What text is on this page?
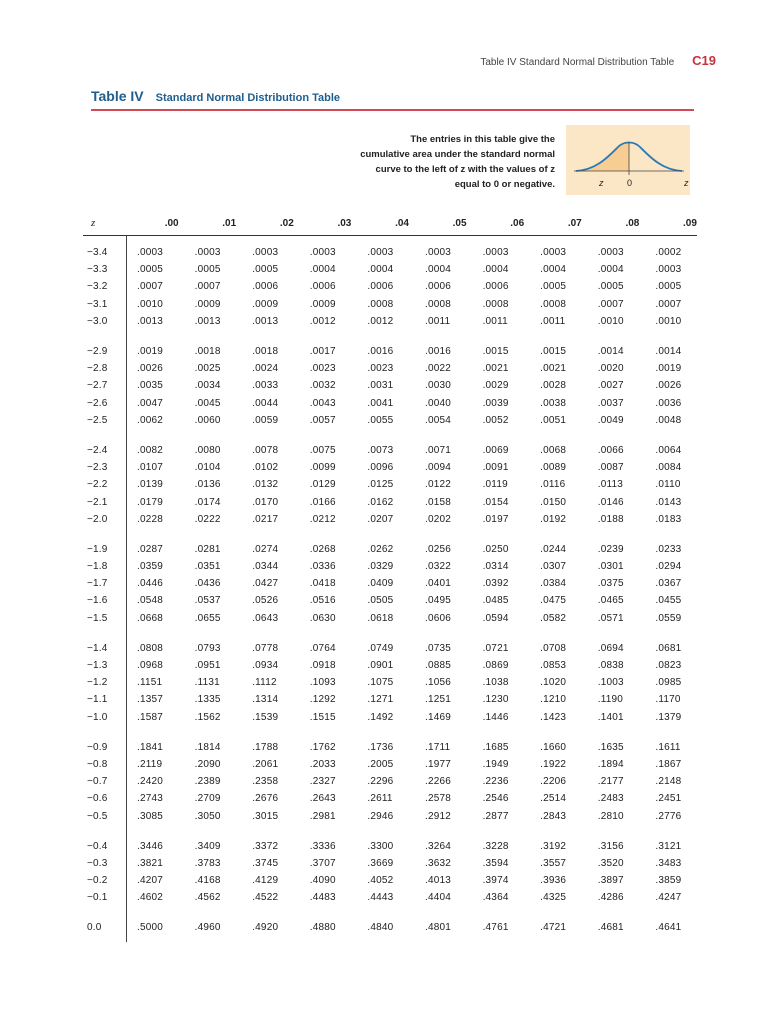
Table IV Standard Normal Distribution Table C19
Table IV Standard Normal Distribution Table
The entries in this table give the cumulative area under the standard normal curve to the left of z with the values of z equal to 0 or negative.	z	0	z
z	.00	.01	.02	.03	.04	.05	.06	.07	.08	.09
−3.4	.0003	.0003	.0003	.0003	.0003	.0003	.0003	.0003	.0003	.0002
−3.3	.0005	.0005	.0005	.0004	.0004	.0004	.0004	.0004	.0004	.0003
−3.2	.0007	.0007	.0006	.0006	.0006	.0006	.0006	.0005	.0005	.0005
−3.1	.0010	.0009	.0009	.0009	.0008	.0008	.0008	.0008	.0007	.0007
−3.0	.0013	.0013	.0013	.0012	.0012	.0011	.0011	.0011	.0010	.0010
−2.9	.0019	.0018	.0018	.0017	.0016	.0016	.0015	.0015	.0014	.0014
−2.8	.0026	.0025	.0024	.0023	.0023	.0022	.0021	.0021	.0020	.0019
−2.7	.0035	.0034	.0033	.0032	.0031	.0030	.0029	.0028	.0027	.0026
−2.6	.0047	.0045	.0044	.0043	.0041	.0040	.0039	.0038	.0037	.0036
−2.5	.0062	.0060	.0059	.0057	.0055	.0054	.0052	.0051	.0049	.0048
−2.4	.0082	.0080	.0078	.0075	.0073	.0071	.0069	.0068	.0066	.0064
−2.3	.0107	.0104	.0102	.0099	.0096	.0094	.0091	.0089	.0087	.0084
−2.2	.0139	.0136	.0132	.0129	.0125	.0122	.0119	.0116	.0113	.0110
−2.1	.0179	.0174	.0170	.0166	.0162	.0158	.0154	.0150	.0146	.0143
−2.0	.0228	.0222	.0217	.0212	.0207	.0202	.0197	.0192	.0188	.0183
−1.9	.0287	.0281	.0274	.0268	.0262	.0256	.0250	.0244	.0239	.0233
−1.8	.0359	.0351	.0344	.0336	.0329	.0322	.0314	.0307	.0301	.0294
−1.7	.0446	.0436	.0427	.0418	.0409	.0401	.0392	.0384	.0375	.0367
−1.6	.0548	.0537	.0526	.0516	.0505	.0495	.0485	.0475	.0465	.0455
−1.5	.0668	.0655	.0643	.0630	.0618	.0606	.0594	.0582	.0571	.0559
−1.4	.0808	.0793	.0778	.0764	.0749	.0735	.0721	.0708	.0694	.0681
−1.3	.0968	.0951	.0934	.0918	.0901	.0885	.0869	.0853	.0838	.0823
−1.2	.1151	.1131	.1112	.1093	.1075	.1056	.1038	.1020	.1003	.0985
−1.1	.1357	.1335	.1314	.1292	.1271	.1251	.1230	.1210	.1190	.1170
−1.0	.1587	.1562	.1539	.1515	.1492	.1469	.1446	.1423	.1401	.1379
−0.9	.1841	.1814	.1788	.1762	.1736	.1711	.1685	.1660	.1635	.1611
−0.8	.2119	.2090	.2061	.2033	.2005	.1977	.1949	.1922	.1894	.1867
−0.7	.2420	.2389	.2358	.2327	.2296	.2266	.2236	.2206	.2177	.2148
−0.6	.2743	.2709	.2676	.2643	.2611	.2578	.2546	.2514	.2483	.2451
−0.5	.3085	.3050	.3015	.2981	.2946	.2912	.2877	.2843	.2810	.2776
−0.4	.3446	.3409	.3372	.3336	.3300	.3264	.3228	.3192	.3156	.3121
−0.3	.3821	.3783	.3745	.3707	.3669	.3632	.3594	.3557	.3520	.3483
−0.2	.4207	.4168	.4129	.4090	.4052	.4013	.3974	.3936	.3897	.3859
−0.1	.4602	.4562	.4522	.4483	.4443	.4404	.4364	.4325	.4286	.4247
0.0	.5000	.4960	.4920	.4880	.4840	.4801	.4761	.4721	.4681	.4641
